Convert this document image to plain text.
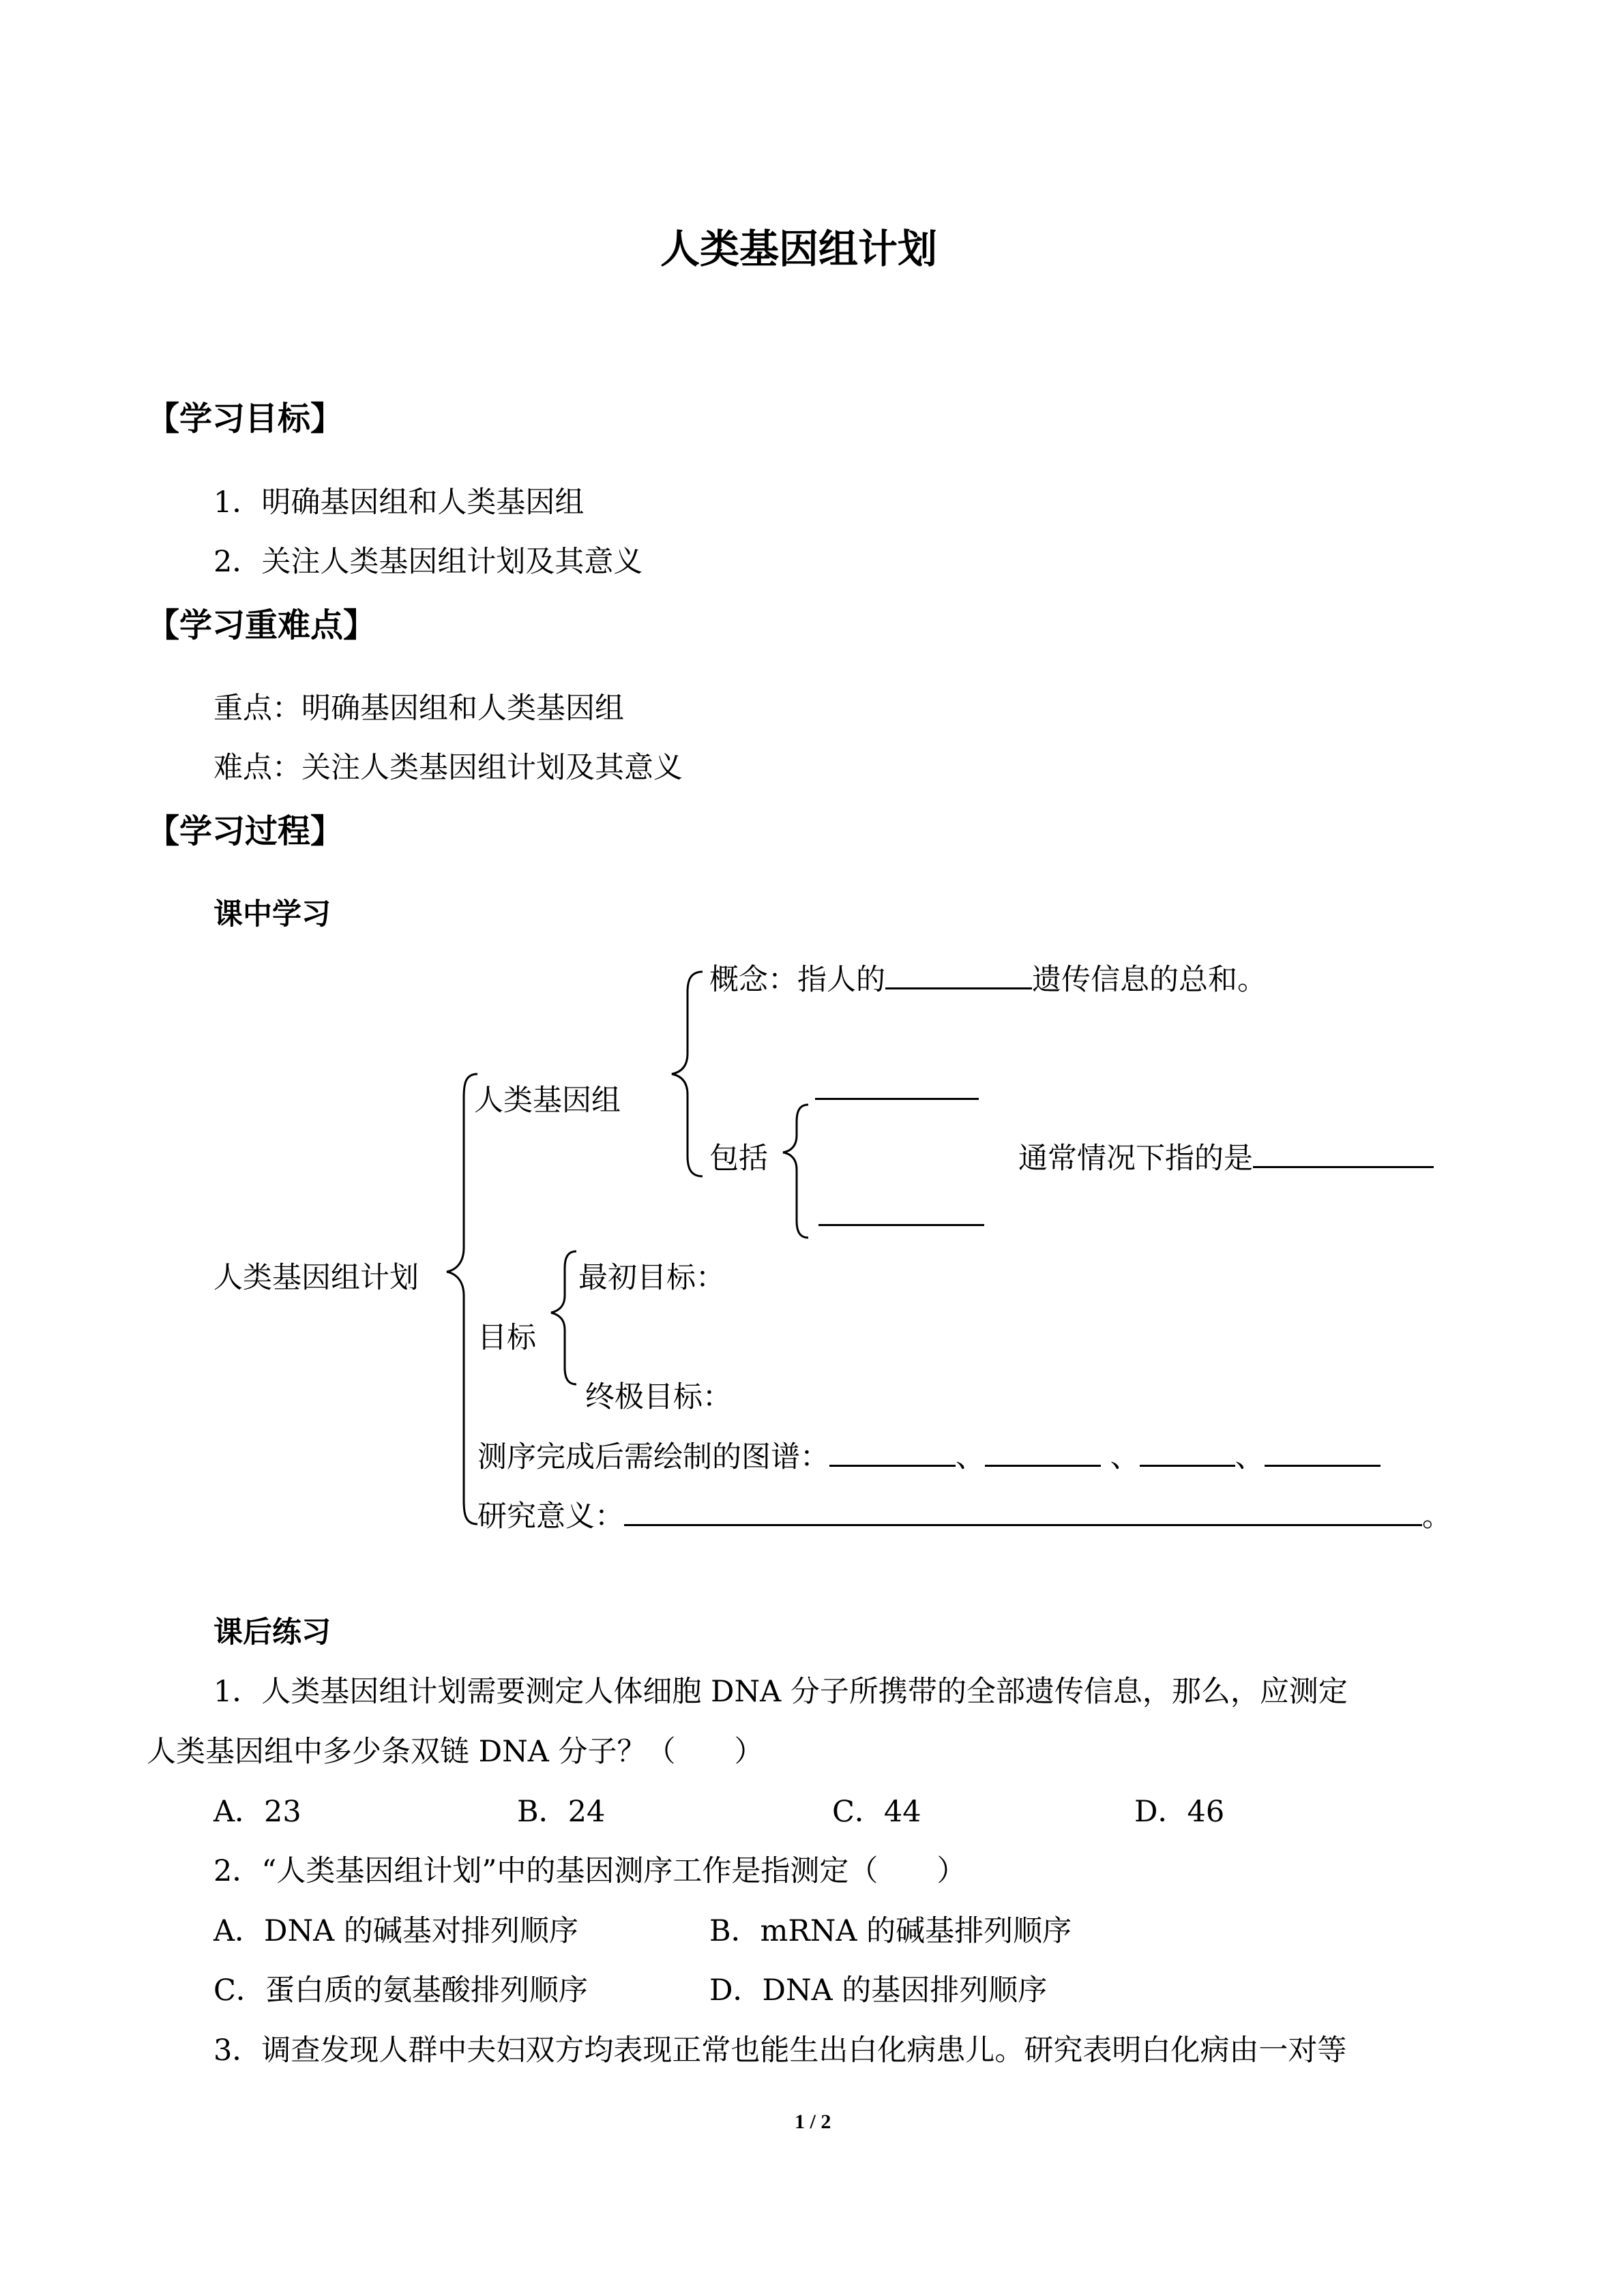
人类基因组计划
【学习目标】
1．明确基因组和人类基因组
2．关注人类基因组计划及其意义
【学习重难点】
重点：明确基因组和人类基因组
难点：关注人类基因组计划及其意义
【学习过程】
课中学习
概念：指人的	遗传信息的总和。
人类基因组
包括	通常情况下指的是
人类基因组计划	最初目标：
目标
终极目标：
测序完成后需绘制的图谱：	、	、	、
研究意义：	。
课后练习
1．人类基因组计划需要测定人体细胞 DNA 分子所携带的全部遗传信息，那么，应测定
人类基因组中多少条双链 DNA 分子？（　　）
A．23	B．24	C．44	D．46
2．“人类基因组计划”中的基因测序工作是指测定（　　）
A．DNA 的碱基对排列顺序	B．mRNA 的碱基排列顺序
C．蛋白质的氨基酸排列顺序	D．DNA 的基因排列顺序
3．调查发现人群中夫妇双方均表现正常也能生出白化病患儿。研究表明白化病由一对等
1 / 2
